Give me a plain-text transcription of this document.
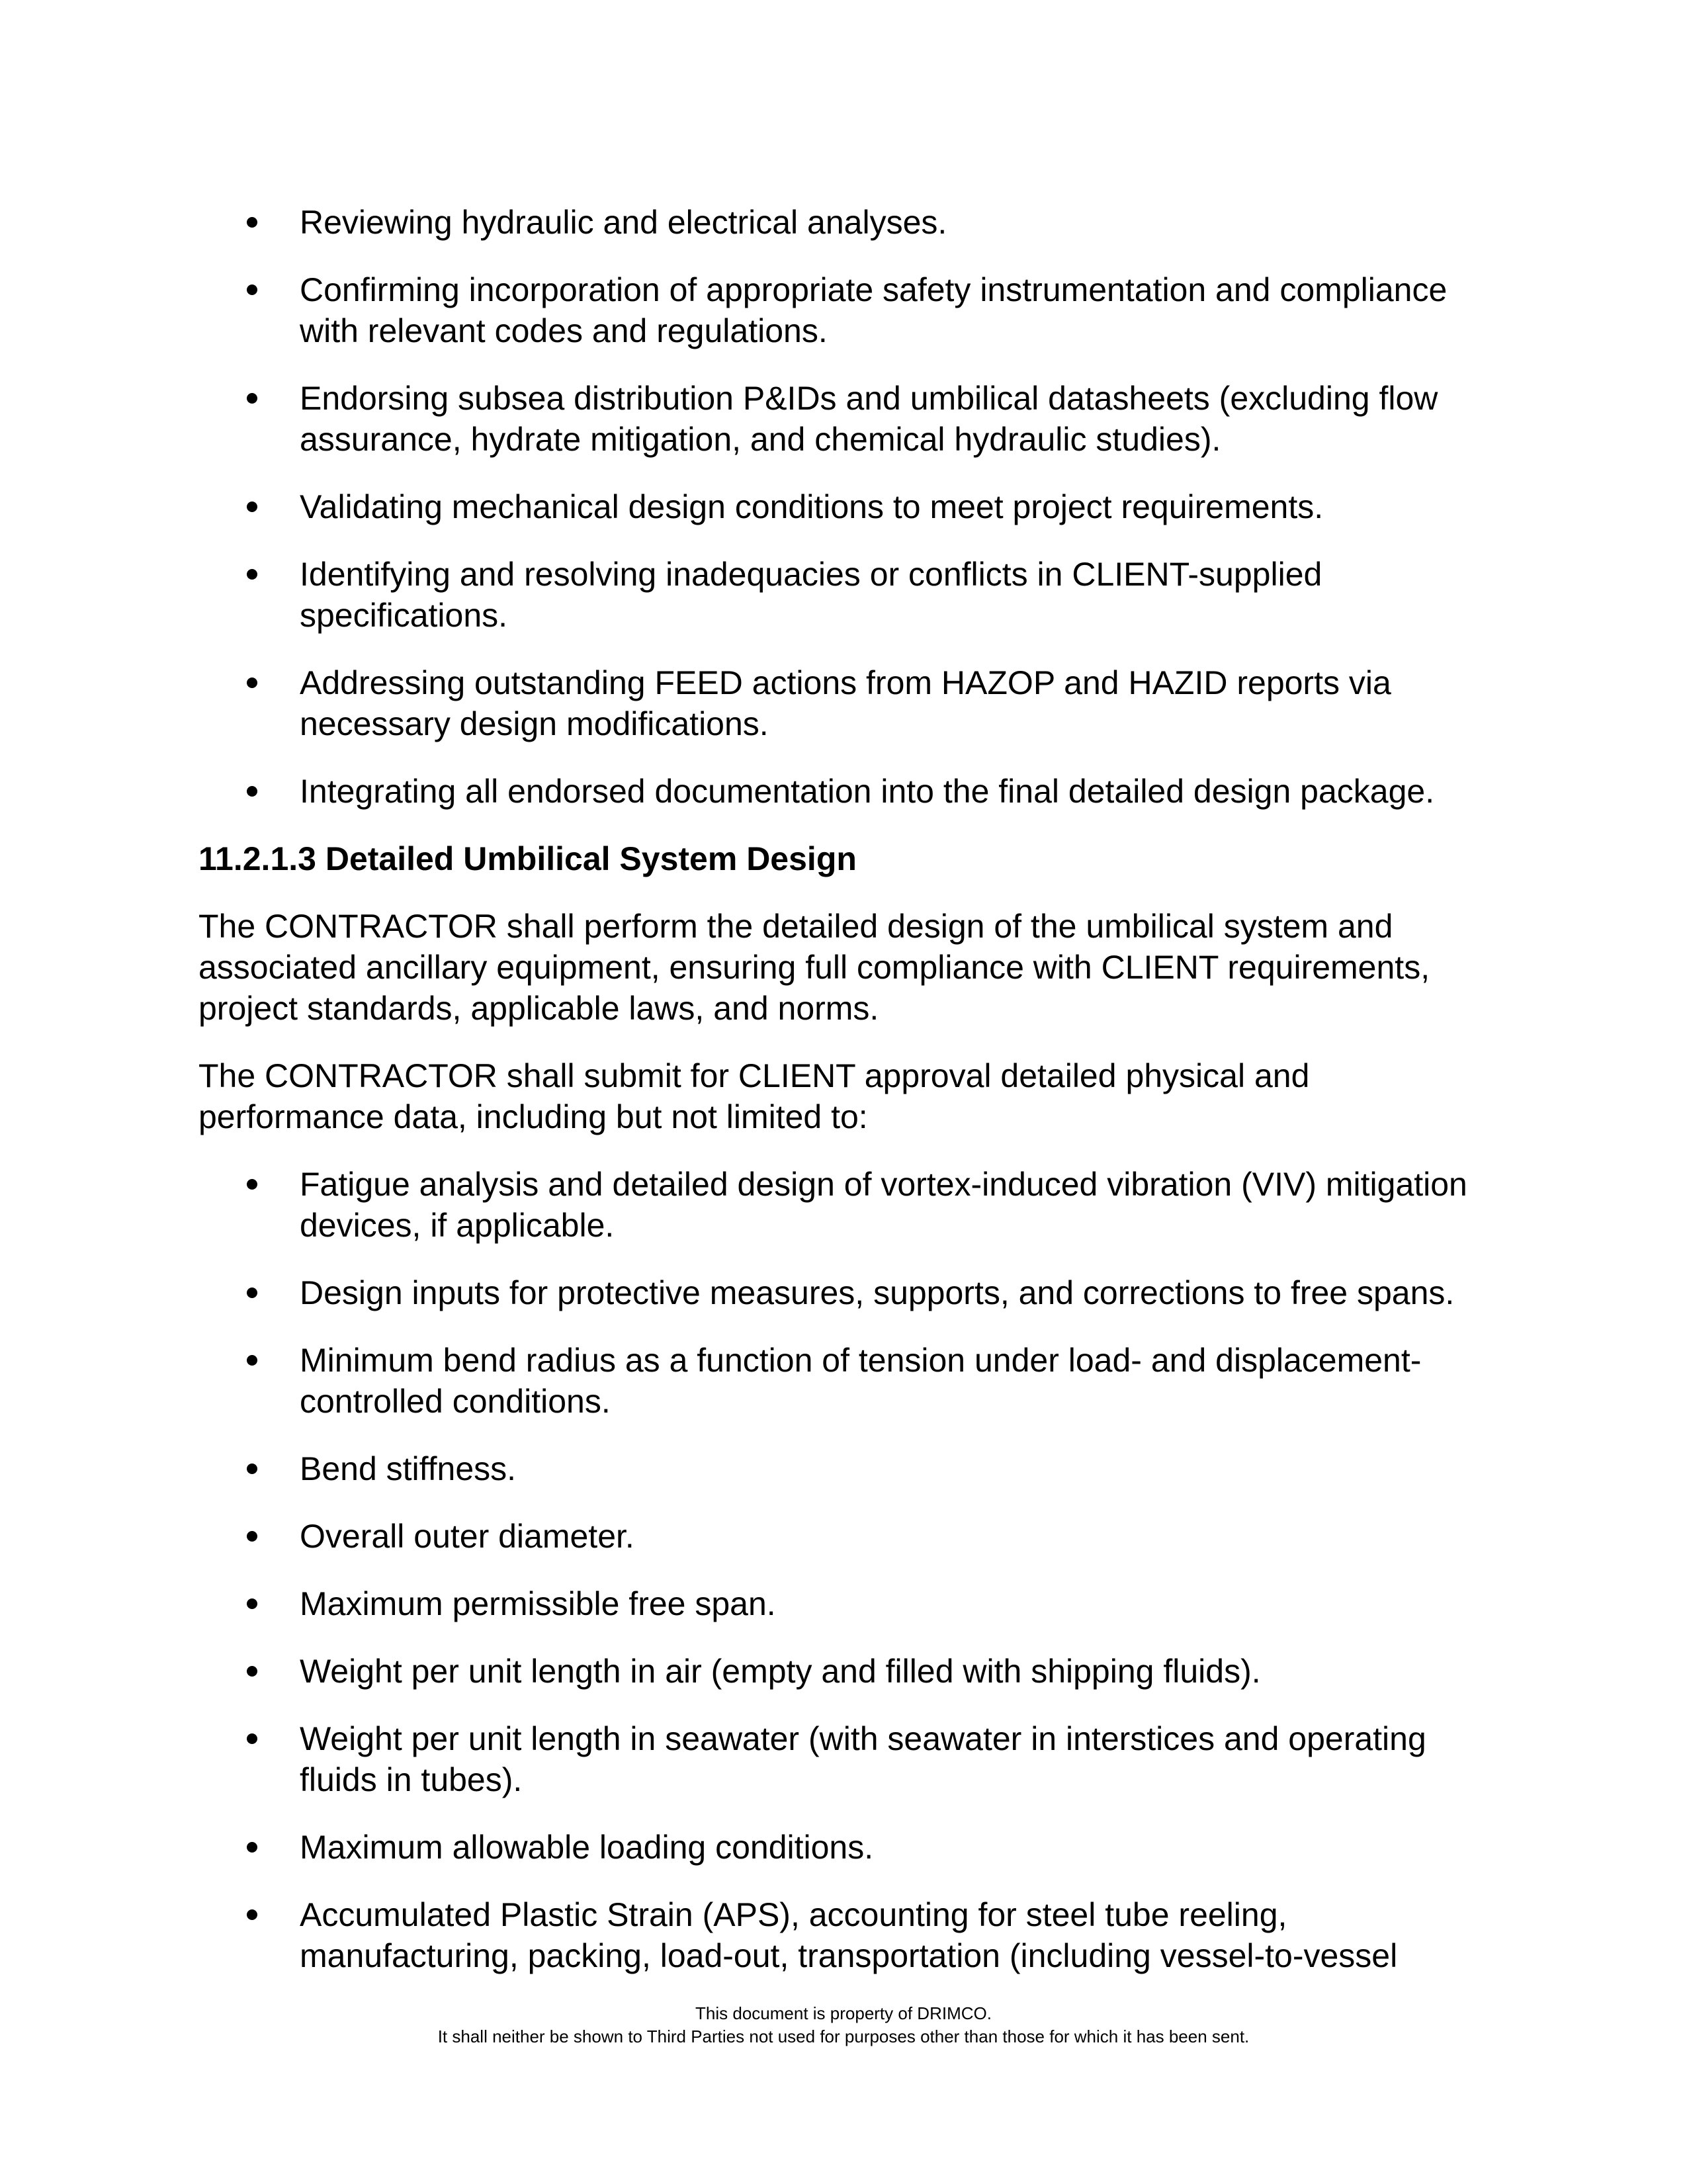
Reviewing hydraulic and electrical analyses.
Confirming incorporation of appropriate safety instrumentation and compliance with relevant codes and regulations.
Endorsing subsea distribution P&IDs and umbilical datasheets (excluding flow assurance, hydrate mitigation, and chemical hydraulic studies).
Validating mechanical design conditions to meet project requirements.
Identifying and resolving inadequacies or conflicts in CLIENT-supplied specifications.
Addressing outstanding FEED actions from HAZOP and HAZID reports via necessary design modifications.
Integrating all endorsed documentation into the final detailed design package.
11.2.1.3 Detailed Umbilical System Design

The CONTRACTOR shall perform the detailed design of the umbilical system and associated ancillary equipment, ensuring full compliance with CLIENT requirements, project standards, applicable laws, and norms.

The CONTRACTOR shall submit for CLIENT approval detailed physical and performance data, including but not limited to:

Fatigue analysis and detailed design of vortex-induced vibration (VIV) mitigation devices, if applicable.
Design inputs for protective measures, supports, and corrections to free spans.
Minimum bend radius as a function of tension under load- and displacement-controlled conditions.
Bend stiffness.
Overall outer diameter.
Maximum permissible free span.
Weight per unit length in air (empty and filled with shipping fluids).
Weight per unit length in seawater (with seawater in interstices and operating fluids in tubes).
Maximum allowable loading conditions.
Accumulated Plastic Strain (APS), accounting for steel tube reeling, manufacturing, packing, load-out, transportation (including vessel-to-vessel
This document is property of DRIMCO.
It shall neither be shown to Third Parties not used for purposes other than those for which it has been sent.
